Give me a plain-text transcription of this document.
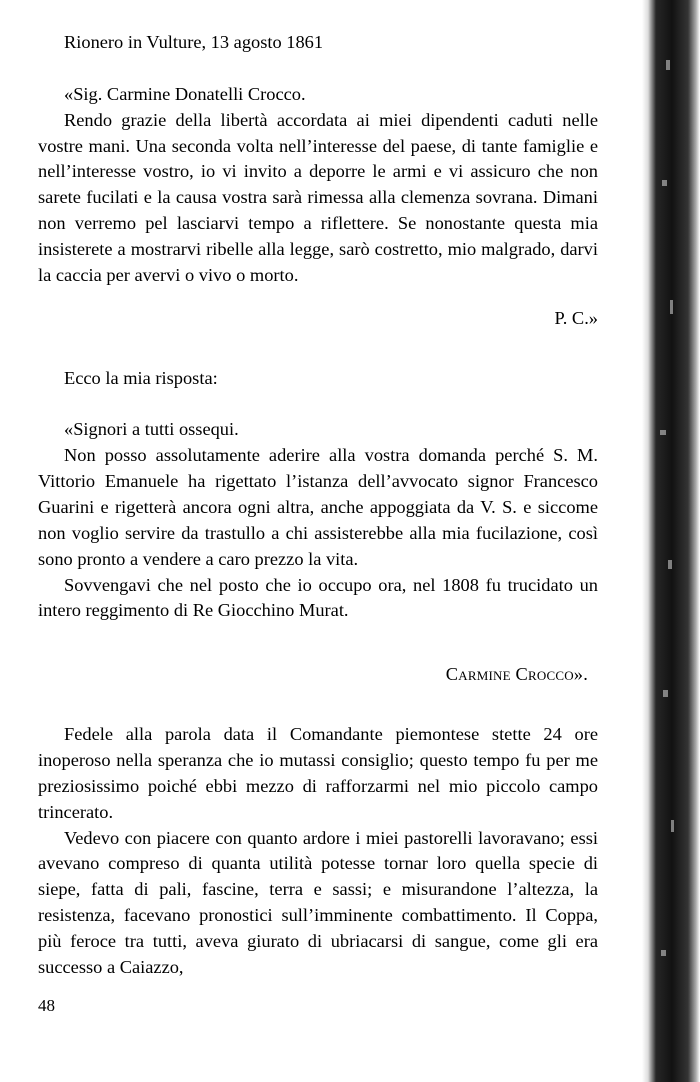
Rionero in Vulture, 13 agosto 1861

«Sig. Carmine Donatelli Crocco.

Rendo grazie della libertà accordata ai miei dipendenti caduti nelle vostre mani. Una seconda volta nell’interesse del paese, di tante famiglie e nell’interesse vostro, io vi invito a deporre le armi e vi assicuro che non sarete fucilati e la causa vostra sarà rimessa alla clemenza sovrana. Dimani non verremo pel lasciarvi tempo a riflettere. Se nonostante questa mia insisterete a mostrarvi ribelle alla legge, sarò costretto, mio malgrado, darvi la caccia per avervi o vivo o morto.

P. C.»

Ecco la mia risposta:

«Signori a tutti ossequi.

Non posso assolutamente aderire alla vostra domanda perché S. M. Vittorio Emanuele ha rigettato l’istanza dell’avvocato signor Francesco Guarini e rigetterà ancora ogni altra, anche appoggiata da V. S. e siccome non voglio servire da trastullo a chi assisterebbe alla mia fucilazione, così sono pronto a vendere a caro prezzo la vita.

Sovvengavi che nel posto che io occupo ora, nel 1808 fu trucidato un intero reggimento di Re Giocchino Murat.

Carmine Crocco».

Fedele alla parola data il Comandante piemontese stette 24 ore inoperoso nella speranza che io mutassi consiglio; questo tempo fu per me preziosissimo poiché ebbi mezzo di rafforzarmi nel mio piccolo campo trincerato.

Vedevo con piacere con quanto ardore i miei pastorelli lavoravano; essi avevano compreso di quanta utilità potesse tornar loro quella specie di siepe, fatta di pali, fascine, terra e sassi; e misurandone l’altezza, la resistenza, facevano pronostici sull’imminente combattimento. Il Coppa, più feroce tra tutti, aveva giurato di ubriacarsi di sangue, come gli era successo a Caiazzo,

48
